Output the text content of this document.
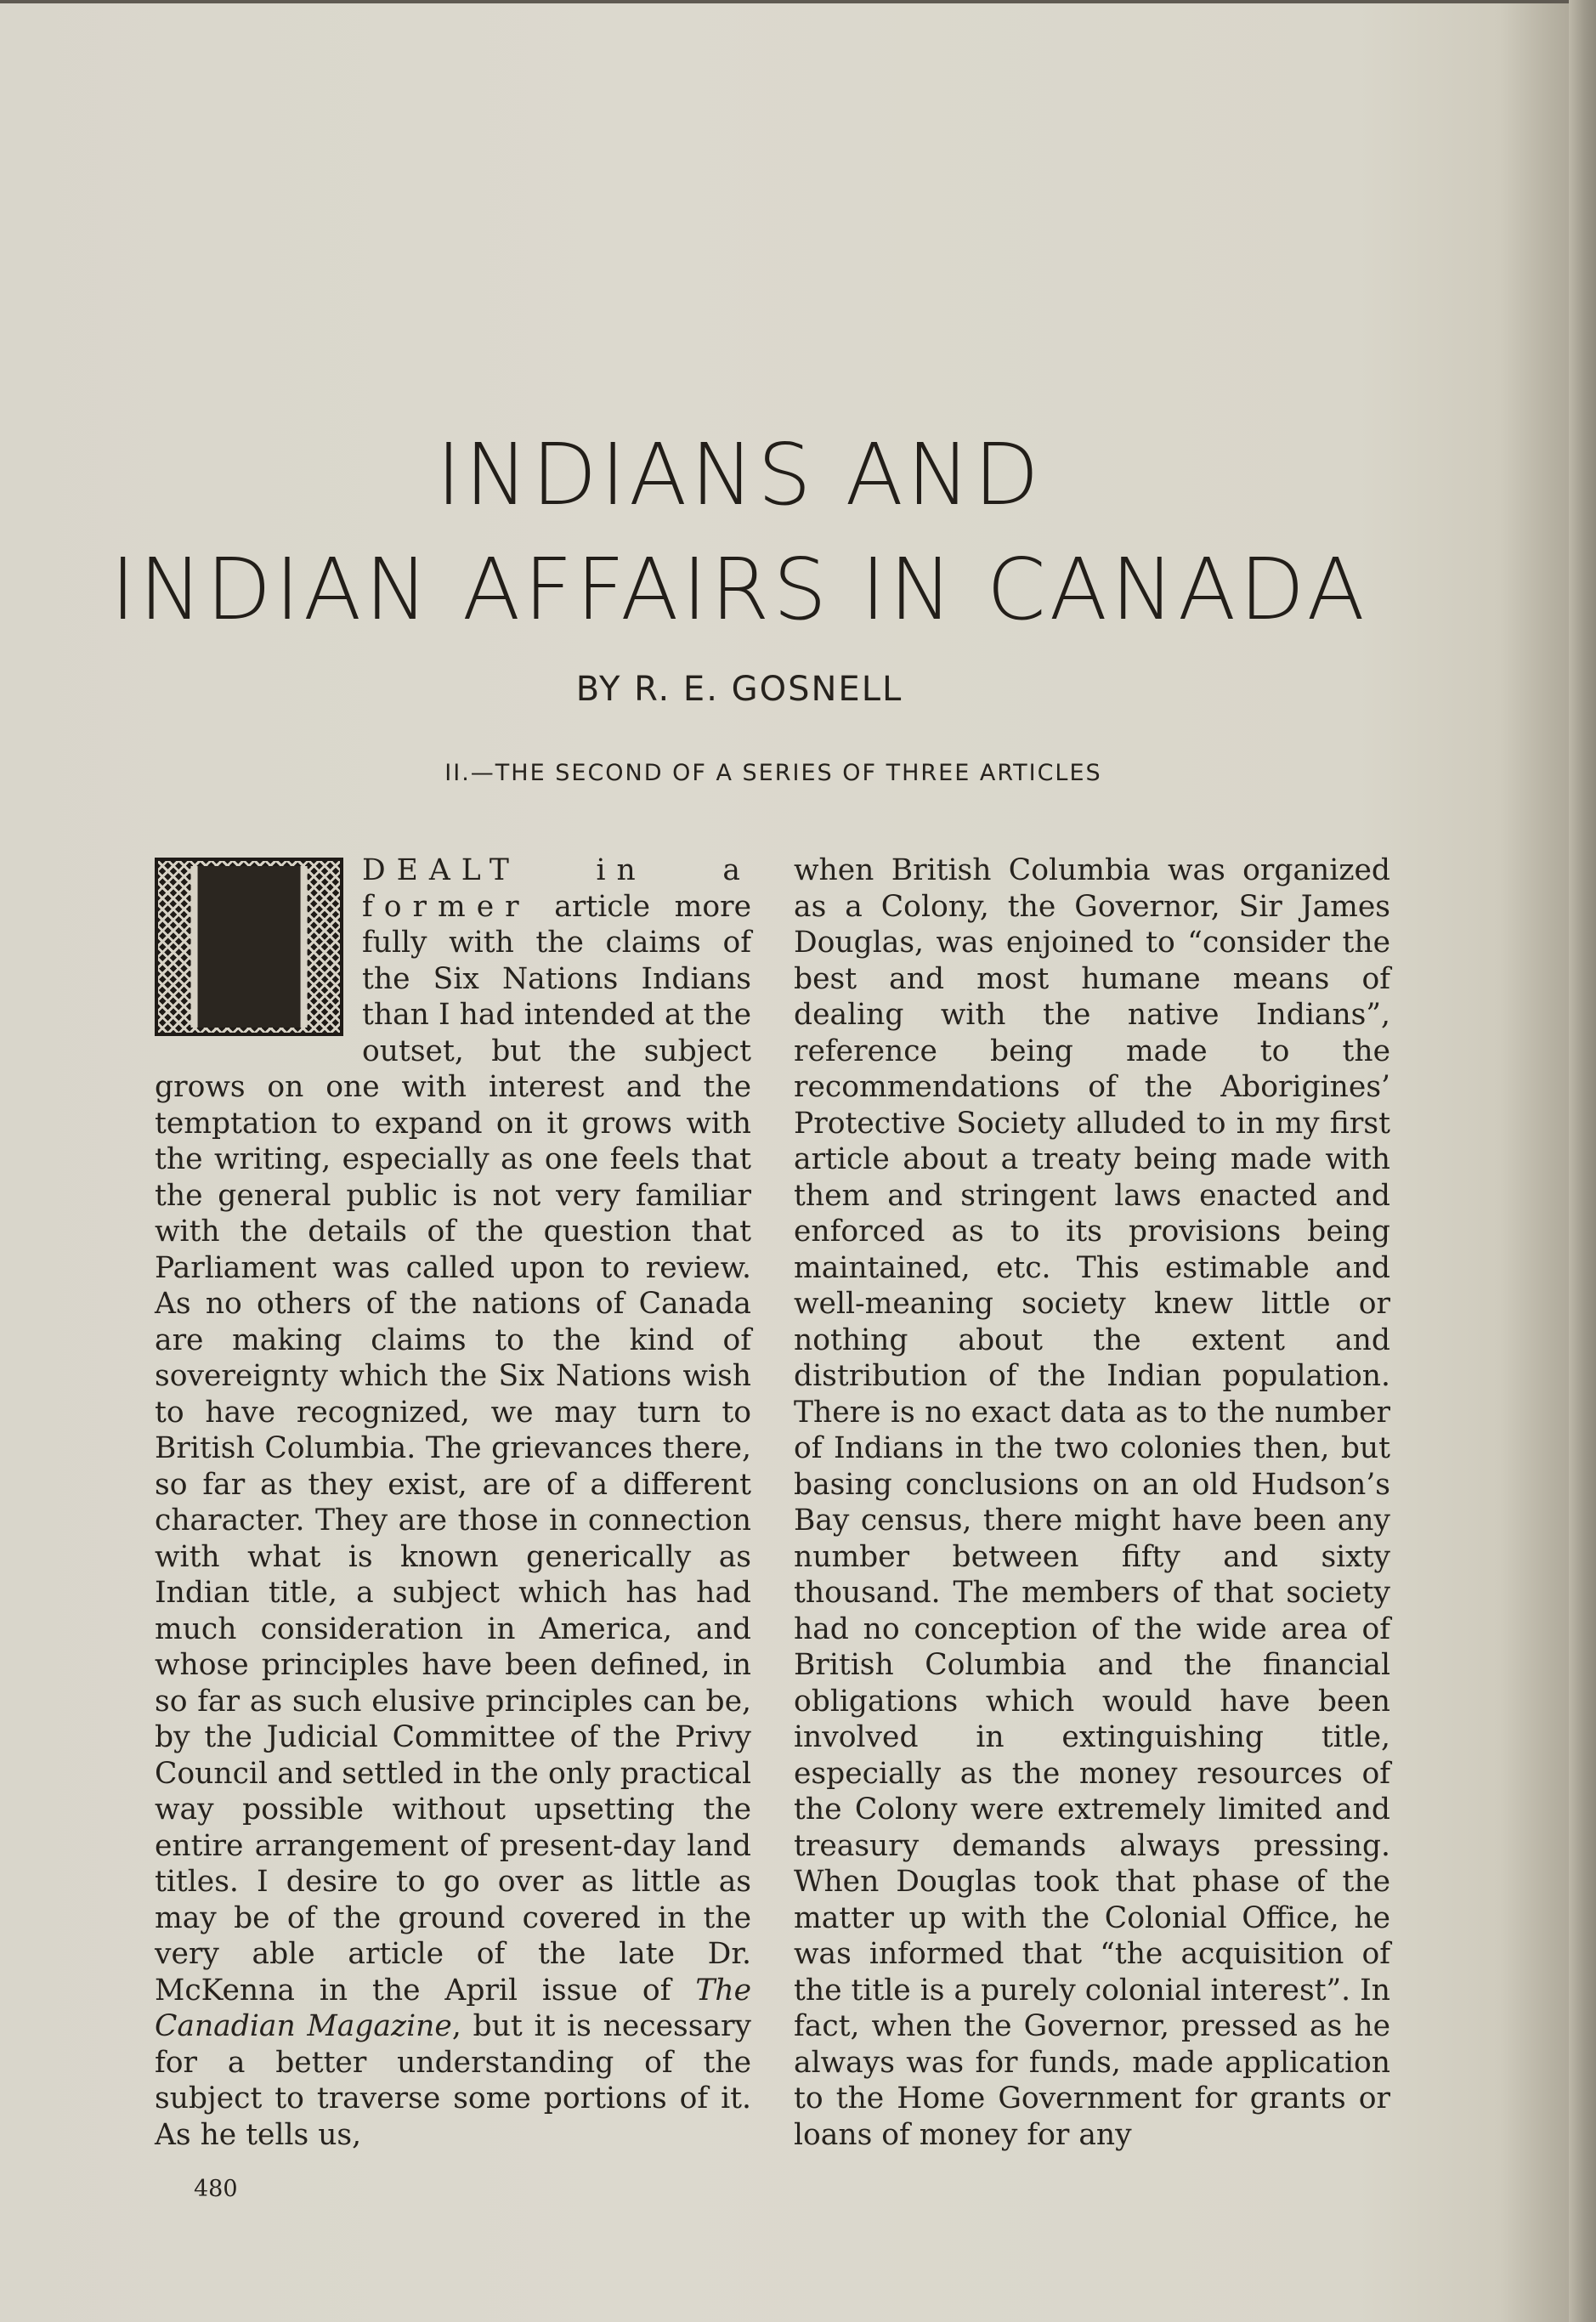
INDIANS AND
INDIAN AFFAIRS IN CANADA

BY R. E. GOSNELL

II.—THE SECOND OF A SERIES OF THREE ARTICLES

DEALT in a former article more fully with the claims of the Six Nations Indians than I had intended at the outset, but the subject grows on one with interest and the temptation to expand on it grows with the writing, especially as one feels that the general public is not very familiar with the details of the question that Parliament was called upon to review. As no others of the nations of Canada are making claims to the kind of sovereignty which the Six Nations wish to have recognized, we may turn to British Columbia. The grievances there, so far as they exist, are of a different character. They are those in connection with what is known generically as Indian title, a subject which has had much consideration in America, and whose principles have been defined, in so far as such elusive principles can be, by the Judicial Committee of the Privy Council and settled in the only practical way possible without upsetting the entire arrangement of present-day land titles. I desire to go over as little as may be of the ground covered in the very able article of the late Dr. McKenna in the April issue of The Canadian Magazine, but it is necessary for a better understanding of the subject to traverse some portions of it. As he tells us,

when British Columbia was organized as a Colony, the Governor, Sir James Douglas, was enjoined to “consider the best and most humane means of dealing with the native Indians”, reference being made to the recommendations of the Aborigines’ Protective Society alluded to in my first article about a treaty being made with them and stringent laws enacted and enforced as to its provisions being maintained, etc. This estimable and well-meaning society knew little or nothing about the extent and distribution of the Indian population. There is no exact data as to the number of Indians in the two colonies then, but basing conclusions on an old Hudson’s Bay census, there might have been any number between fifty and sixty thousand. The members of that society had no conception of the wide area of British Columbia and the financial obligations which would have been involved in extinguishing title, especially as the money resources of the Colony were extremely limited and treasury demands always pressing. When Douglas took that phase of the matter up with the Colonial Office, he was informed that “the acquisition of the title is a purely colonial interest”. In fact, when the Governor, pressed as he always was for funds, made application to the Home Government for grants or loans of money for any

480
